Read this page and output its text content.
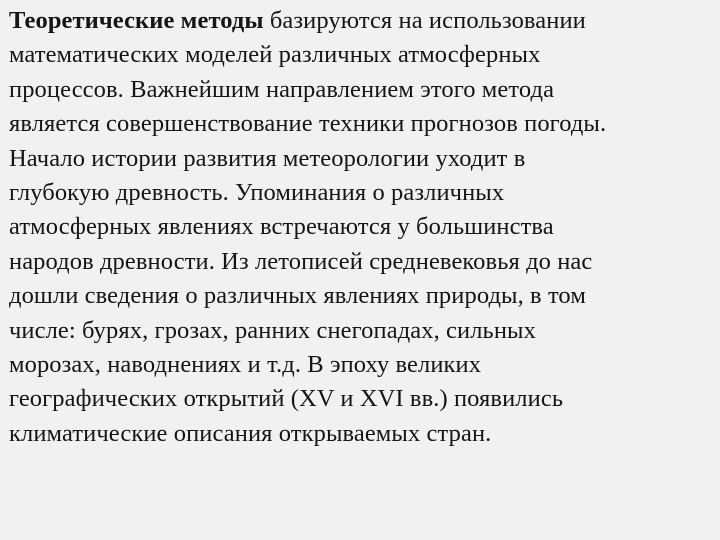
Теоретические методы базируются на использовании
математических моделей различных атмосферных
процессов. Важнейшим направлением этого метода
является совершенствование техники прогнозов погоды.
Начало истории развития метеорологии уходит в
глубокую древность. Упоминания о различных
атмосферных явлениях встречаются у большинства
народов древности. Из летописей средневековья до нас
дошли сведения о различных явлениях природы, в том
числе: бурях, грозах, ранних снегопадах, сильных
морозах, наводнениях и т.д. В эпоху великих
географических открытий (XV и XVI вв.) появились
климатические описания открываемых стран.
